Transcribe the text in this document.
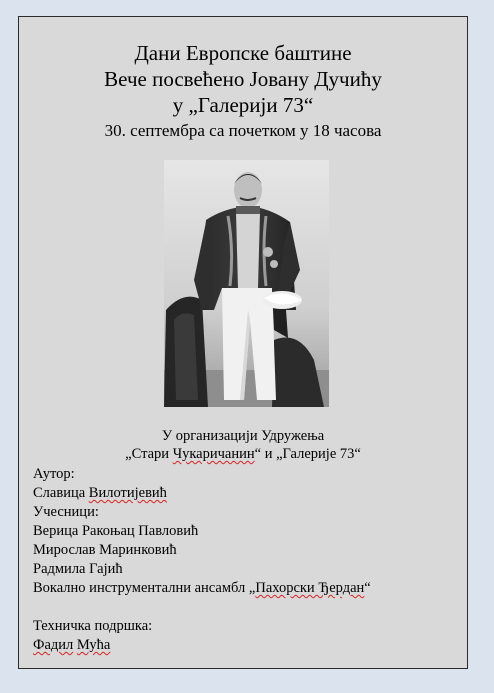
Дани Европске баштине
Вече посвећено Јовану Дучићу
у „Галерији 73“
30. септембра са почетком у 18 часова
У организацији Удружења
„Стари Чукаричанин“ и „Галерије 73“
Аутор:
Славица Вилотијевић
Учесници:
Верица Ракоњац Павловић
Мирослав Маринковић
Радмила Гајић
Вокално инструментални ансамбл „Пахорски Ђердан“
Техничка подршка:
Фадил Мућа
